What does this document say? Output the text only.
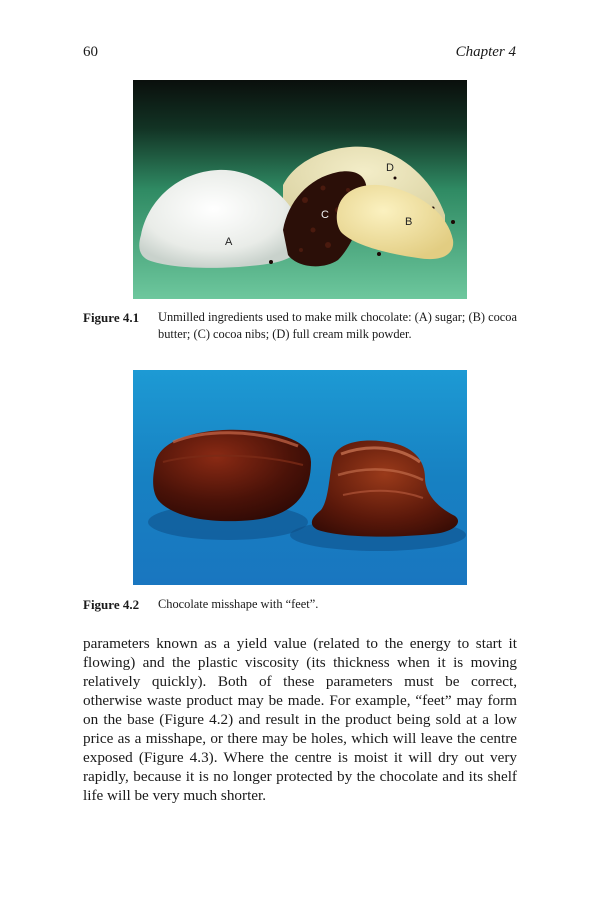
60	Chapter 4
A
B
C
D
Figure 4.1 Unmilled ingredients used to make milk chocolate: (A) sugar; (B) cocoa butter; (C) cocoa nibs; (D) full cream milk powder.
Figure 4.2 Chocolate misshape with “feet”.
parameters known as a yield value (related to the energy to start it flowing) and the plastic viscosity (its thickness when it is moving relatively quickly). Both of these parameters must be correct, otherwise waste product may be made. For example, “feet” may form on the base (Figure 4.2) and result in the product being sold at a low price as a misshape, or there may be holes, which will leave the centre exposed (Figure 4.3). Where the centre is moist it will dry out very rapidly, because it is no longer protected by the chocolate and its shelf life will be very much shorter.
